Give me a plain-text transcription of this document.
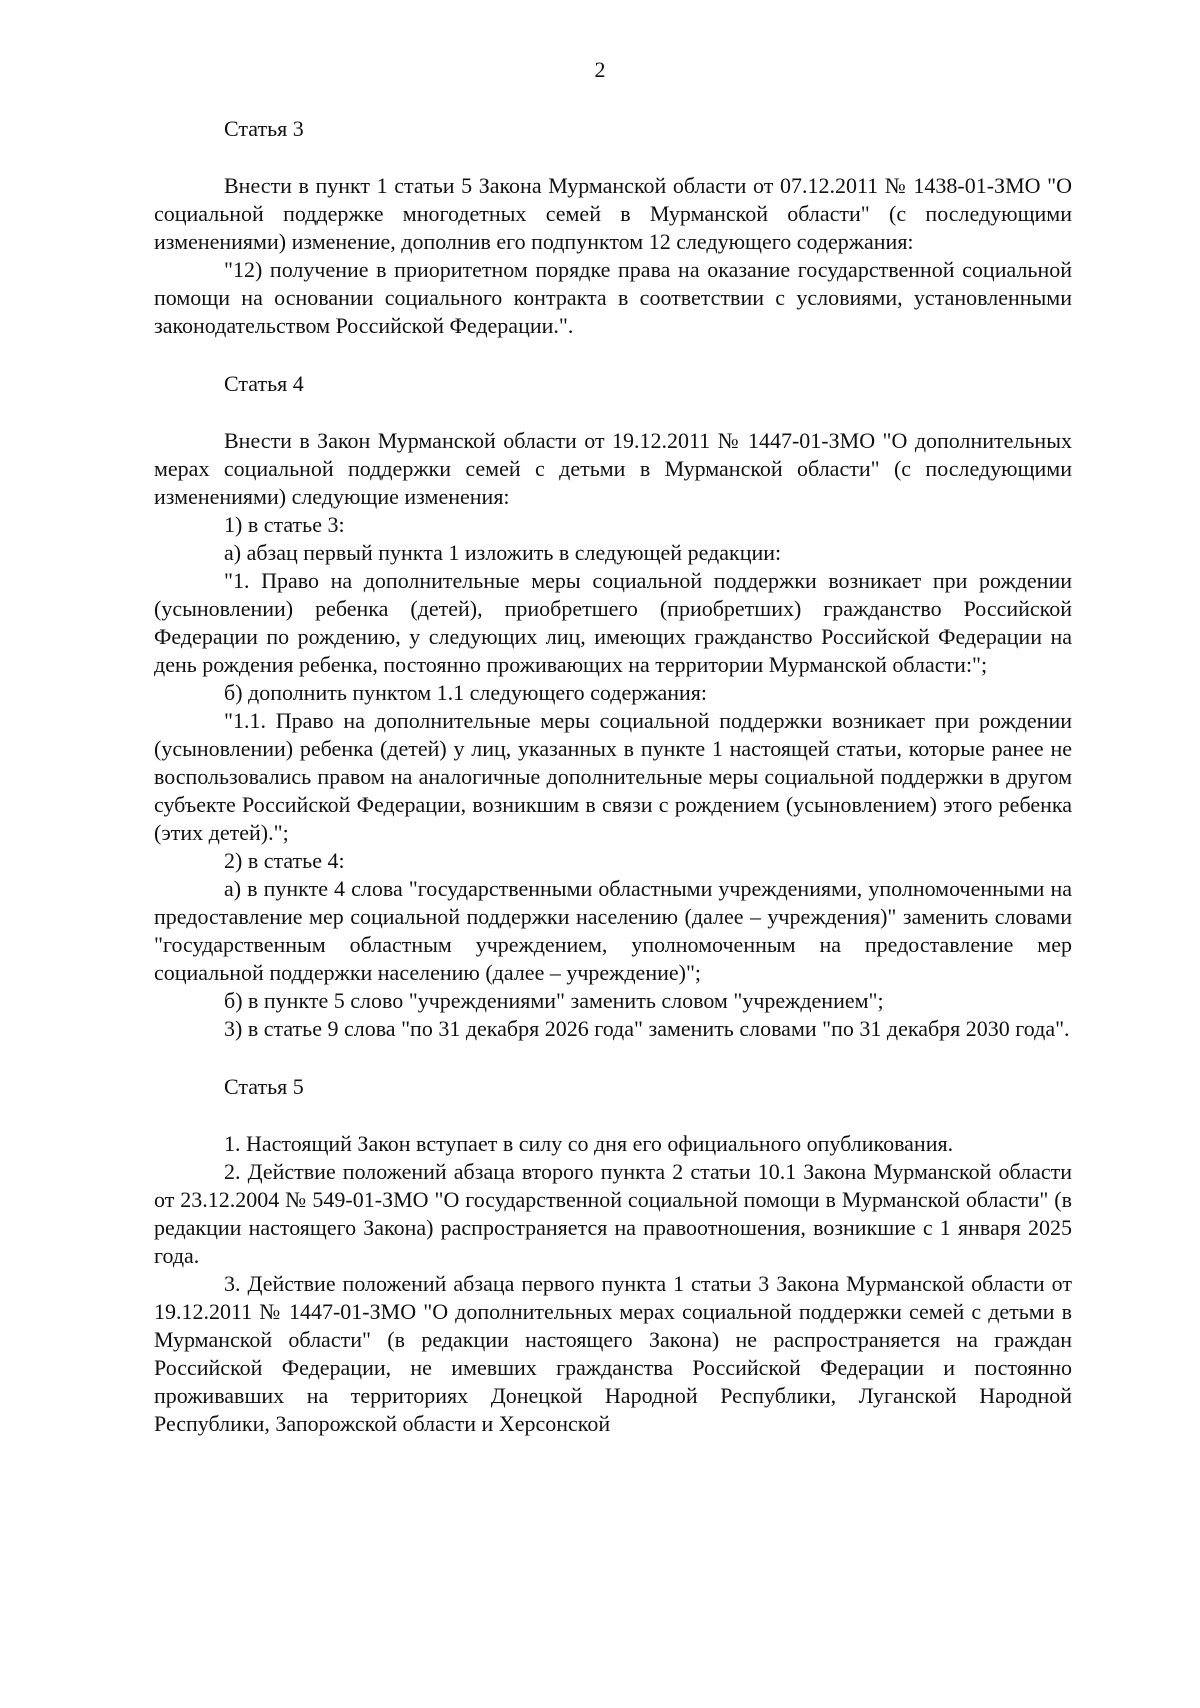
2
Статья 3

Внести в пункт 1 статьи 5 Закона Мурманской области от 07.12.2011 № 1438-01-ЗМО "О социальной поддержке многодетных семей в Мурманской области" (с последующими изменениями) изменение, дополнив его подпунктом 12 следующего содержания:

"12) получение в приоритетном порядке права на оказание государственной социальной помощи на основании социального контракта в соответствии с условиями, установленными законодательством Российской Федерации.".

Статья 4

Внести в Закон Мурманской области от 19.12.2011 № 1447-01-ЗМО "О дополнительных мерах социальной поддержки семей с детьми в Мурманской области" (с последующими изменениями) следующие изменения:

1) в статье 3:

а) абзац первый пункта 1 изложить в следующей редакции:

"1. Право на дополнительные меры социальной поддержки возникает при рождении (усыновлении) ребенка (детей), приобретшего (приобретших) гражданство Российской Федерации по рождению, у следующих лиц, имеющих гражданство Российской Федерации на день рождения ребенка, постоянно проживающих на территории Мурманской области:";

б) дополнить пунктом 1.1 следующего содержания:

"1.1. Право на дополнительные меры социальной поддержки возникает при рождении (усыновлении) ребенка (детей) у лиц, указанных в пункте 1 настоящей статьи, которые ранее не воспользовались правом на аналогичные дополнительные меры социальной поддержки в другом субъекте Российской Федерации, возникшим в связи с рождением (усыновлением) этого ребенка (этих детей).";

2) в статье 4:

а) в пункте 4 слова "государственными областными учреждениями, уполномоченными на предоставление мер социальной поддержки населению (далее – учреждения)" заменить словами "государственным областным учреждением, уполномоченным на предоставление мер социальной поддержки населению (далее – учреждение)";

б) в пункте 5 слово "учреждениями" заменить словом "учреждением";

3) в статье 9 слова "по 31 декабря 2026 года" заменить словами "по 31 декабря 2030 года".

Статья 5

1. Настоящий Закон вступает в силу со дня его официального опубликования.

2. Действие положений абзаца второго пункта 2 статьи 10.1 Закона Мурманской области от 23.12.2004 № 549-01-ЗМО "О государственной социальной помощи в Мурманской области" (в редакции настоящего Закона) распространяется на правоотношения, возникшие с 1 января 2025 года.

3. Действие положений абзаца первого пункта 1 статьи 3 Закона Мурманской области от 19.12.2011 № 1447-01-ЗМО "О дополнительных мерах социальной поддержки семей с детьми в Мурманской области" (в редакции настоящего Закона) не распространяется на граждан Российской Федерации, не имевших гражданства Российской Федерации и постоянно проживавших на территориях Донецкой Народной Республики, Луганской Народной Республики, Запорожской области и Херсонской
